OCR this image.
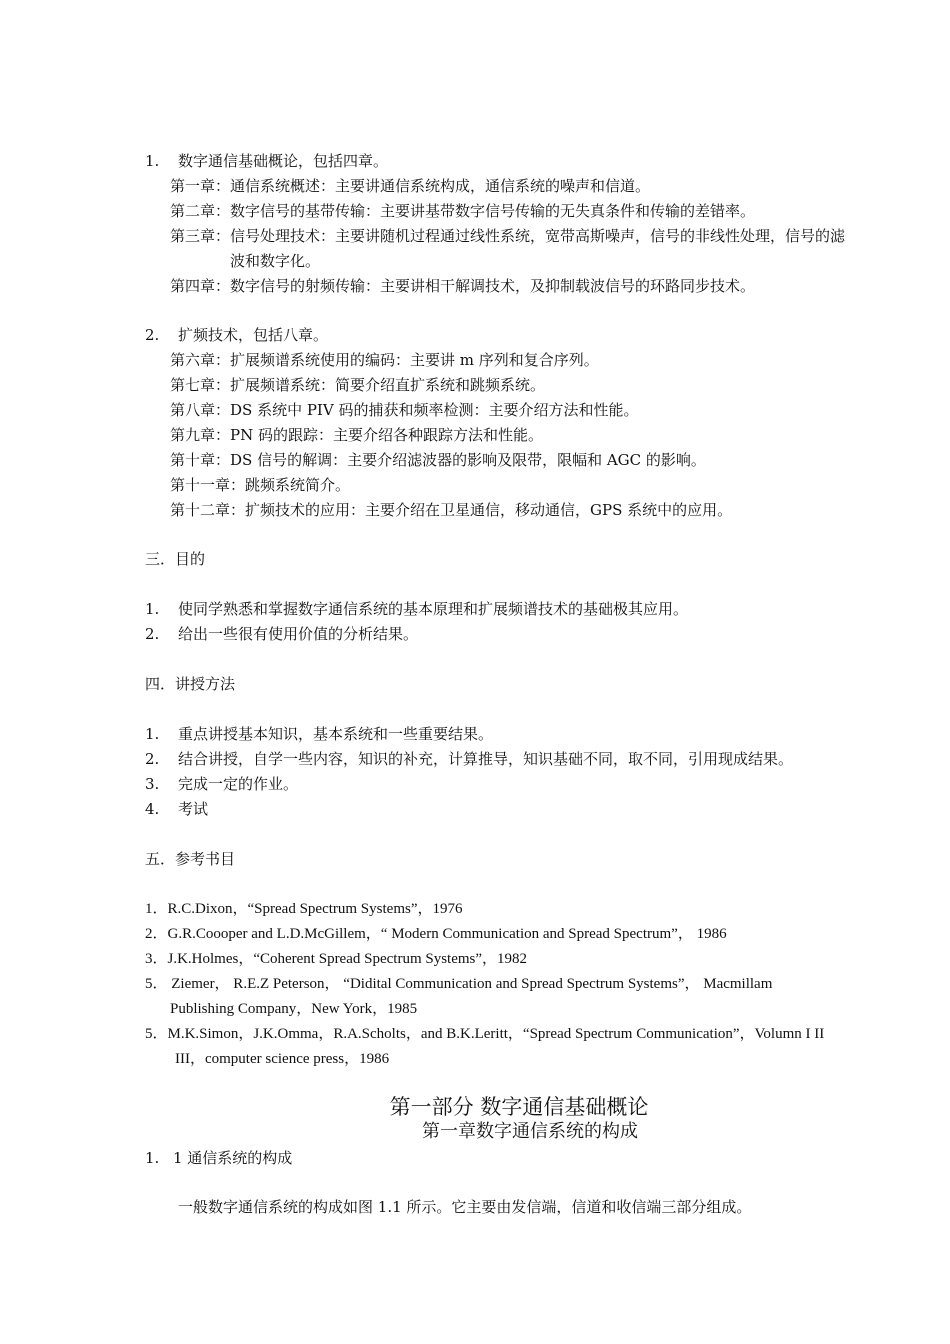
1. 数字通信基础概论，包括四章。
第一章：通信系统概述：主要讲通信系统构成，通信系统的噪声和信道。
第二章：数字信号的基带传输：主要讲基带数字信号传输的无失真条件和传输的差错率。
第三章：信号处理技术：主要讲随机过程通过线性系统，宽带高斯噪声，信号的非线性处理，信号的滤
波和数字化。
第四章：数字信号的射频传输：主要讲相干解调技术，及抑制载波信号的环路同步技术。
2. 扩频技术，包括八章。
第六章：扩展频谱系统使用的编码：主要讲 m 序列和复合序列。
第七章：扩展频谱系统：简要介绍直扩系统和跳频系统。
第八章：DS 系统中 PIV 码的捕获和频率检测：主要介绍方法和性能。
第九章：PN 码的跟踪：主要介绍各种跟踪方法和性能。
第十章：DS 信号的解调：主要介绍滤波器的影响及限带，限幅和 AGC 的影响。
第十一章：跳频系统简介。
第十二章：扩频技术的应用：主要介绍在卫星通信，移动通信，GPS 系统中的应用。
三．目的
1. 使同学熟悉和掌握数字通信系统的基本原理和扩展频谱技术的基础极其应用。
2. 给出一些很有使用价值的分析结果。
四．讲授方法
1. 重点讲授基本知识，基本系统和一些重要结果。
2. 结合讲授，自学一些内容，知识的补充，计算推导，知识基础不同，取不同，引用现成结果。
3. 完成一定的作业。
4. 考试
五．参考书目
1．R.C.Dixon，“Spread Spectrum Systems”，1976
2．G.R.Coooper and L.D.McGillem，“ Modern Communication and Spread Spectrum”， 1986
3．J.K.Holmes，“Coherent Spread Spectrum Systems”，1982
5． Ziemer， R.E.Z Peterson， “Didital Communication and Spread Spectrum Systems”， Macmillam
Publishing Company，New York，1985
5．M.K.Simon，J.K.Omma，R.A.Scholts，and B.K.Leritt，“Spread Spectrum Communication”，Volumn I II
III，computer science press，1986
第一部分 数字通信基础概论
第一章数字通信系统的构成
1. 1 通信系统的构成
一般数字通信系统的构成如图 1.1 所示。它主要由发信端，信道和收信端三部分组成。
